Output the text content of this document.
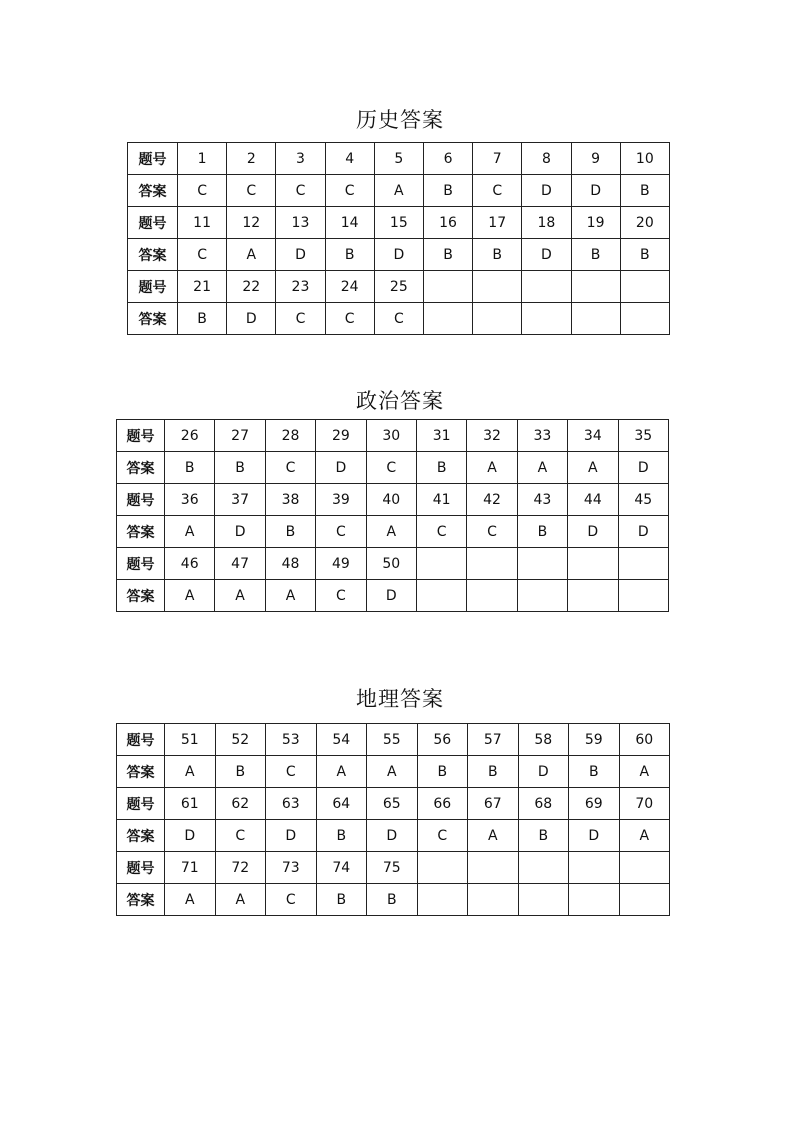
历史答案
题号	1	2	3	4	5	6	7	8	9	10
答案	C	C	C	C	A	B	C	D	D	B
题号	11	12	13	14	15	16	17	18	19	20
答案	C	A	D	B	D	B	B	D	B	B
题号	21	22	23	24	25					
答案	B	D	C	C	C					
政治答案
题号	26	27	28	29	30	31	32	33	34	35
答案	B	B	C	D	C	B	A	A	A	D
题号	36	37	38	39	40	41	42	43	44	45
答案	A	D	B	C	A	C	C	B	D	D
题号	46	47	48	49	50					
答案	A	A	A	C	D					
地理答案
题号	51	52	53	54	55	56	57	58	59	60
答案	A	B	C	A	A	B	B	D	B	A
题号	61	62	63	64	65	66	67	68	69	70
答案	D	C	D	B	D	C	A	B	D	A
题号	71	72	73	74	75					
答案	A	A	C	B	B					
